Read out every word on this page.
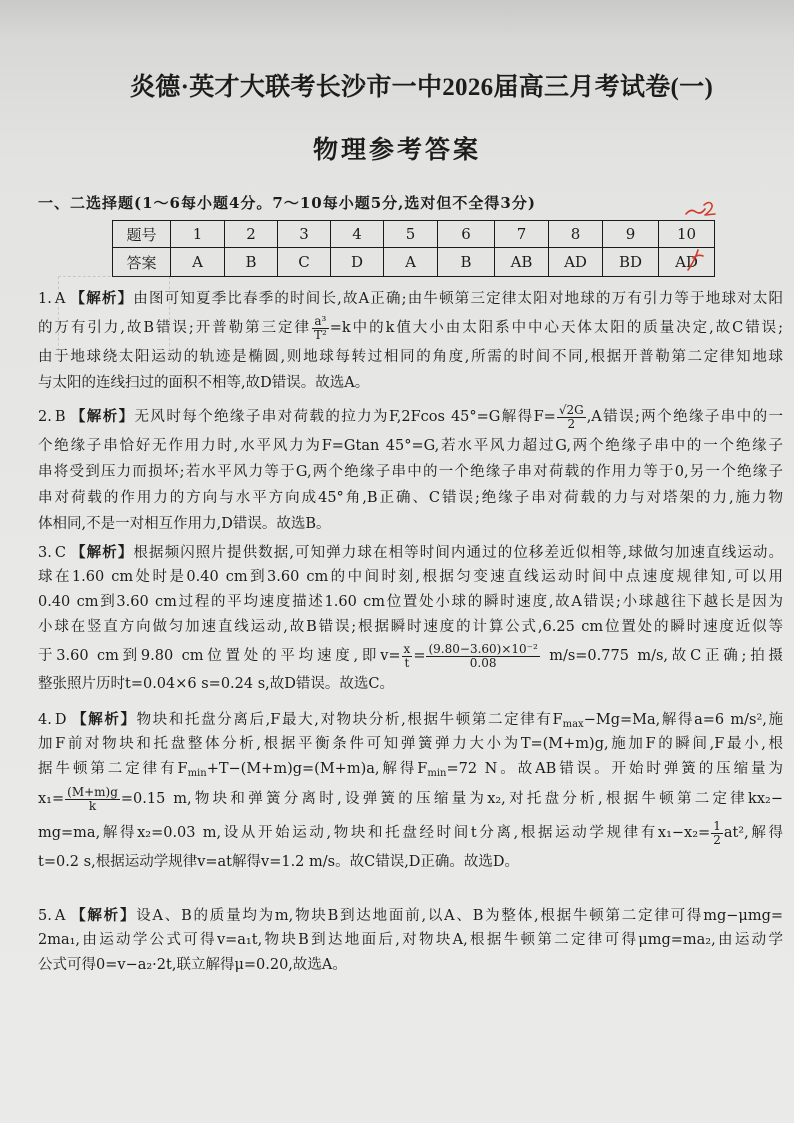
炎德·英才大联考长沙市一中2026届高三月考试卷(一)
物理参考答案
一、二选择题(1～6每小题4分。7～10每小题5分,选对但不全得3分)
题号	1	2	3	4	5	6	7	8	9	10
答案	A	B	C	D	A	B	AB	AD	BD	AD
1. A 【解析】由图可知夏季比春季的时间长,故A正确;由牛顿第三定律太阳对地球的万有引力等于地球对太阳
的万有引力,故B错误;开普勒第三定律 $\frac{\text{a³}}{\text{T²}} =k$中的k值大小由太阳系中中心天体太阳的质量决定,故C错误;
由于地球绕太阳运动的轨迹是椭圆,则地球每转过相同的角度,所需的时间不同,根据开普勒第二定律知地球
与太阳的连线扫过的面积不相等,故D错误。故选A。
2. B 【解析】无风时每个绝缘子串对荷载的拉力为F,2Fcos 45°=G解得$F= \frac{√2G}{2} ,A$错误;两个绝缘子串中的一
个绝缘子串恰好无作用力时,水平风力为F=Gtan 45°=G,若水平风力超过G,两个绝缘子串中的一个绝缘子
串将受到压力而损坏;若水平风力等于G,两个绝缘子串中的一个绝缘子串对荷载的作用力等于0,另一个绝缘子
串对荷载的作用力的方向与水平方向成45°角,B正确、C错误;绝缘子串对荷载的力与对塔架的力,施力物
体相同,不是一对相互作用力,D错误。故选B。
3. C 【解析】根据频闪照片提供数据,可知弹力球在相等时间内通过的位移差近似相等,球做匀加速直线运动。
球在1.60 cm处时是0.40 cm到3.60 cm的中间时刻,根据匀变速直线运动时间中点速度规律知,可以用
0.40 cm到3.60 cm过程的平均速度描述1.60 cm位置处小球的瞬时速度,故A错误;小球越往下越长是因为
小球在竖直方向做匀加速直线运动,故B错误;根据瞬时速度的计算公式,6.25 cm位置处的瞬时速度近似等
于3.60 cm到9.80 cm位置处的平均速度,即$v= \frac{x}{t} = \frac{\text{(9.80−3.60)×10⁻²}}{0.08} m/s=0.775$ m/s,故C正确;拍摄
整张照片历时t=0.04×6 s=0.24 s,故D错误。故选C。
4. D 【解析】物块和托盘分离后,F最大,对物块分析,根据牛顿第二定律有$F_{max}-Mg=Ma$,解得a=6 m/s²,施
加F前对物块和托盘整体分析,根据平衡条件可知弹簧弹力大小为T=(M+m)g,施加F的瞬间,F最小,根
据牛顿第二定律有$F_{min}+T-(M+m)g=(M+m)a$,解得$F_{min}=72$ N。故AB错误。开始时弹簧的压缩量为
$x_1= \frac{(M+m)g}{k} =0.15$ m,物块和弹簧分离时,设弹簧的压缩量为x₂,对托盘分析,根据牛顿第二定律kx₂−
mg=ma,解得x₂=0.03 m,设从开始运动,物块和托盘经时间t分离,根据运动学规律有$x_1-x_2= \frac{1}{2} at^2$,解得
t=0.2 s,根据运动学规律v=at解得v=1.2 m/s。故C错误,D正确。故选D。
5. A 【解析】设A、B的质量均为m,物块B到达地面前,以A、B为整体,根据牛顿第二定律可得mg−μmg=
2ma₁,由运动学公式可得v=a₁t,物块B到达地面后,对物块A,根据牛顿第二定律可得μmg=ma₂,由运动学
公式可得0=v−a₂·2t,联立解得μ=0.20,故选A。
